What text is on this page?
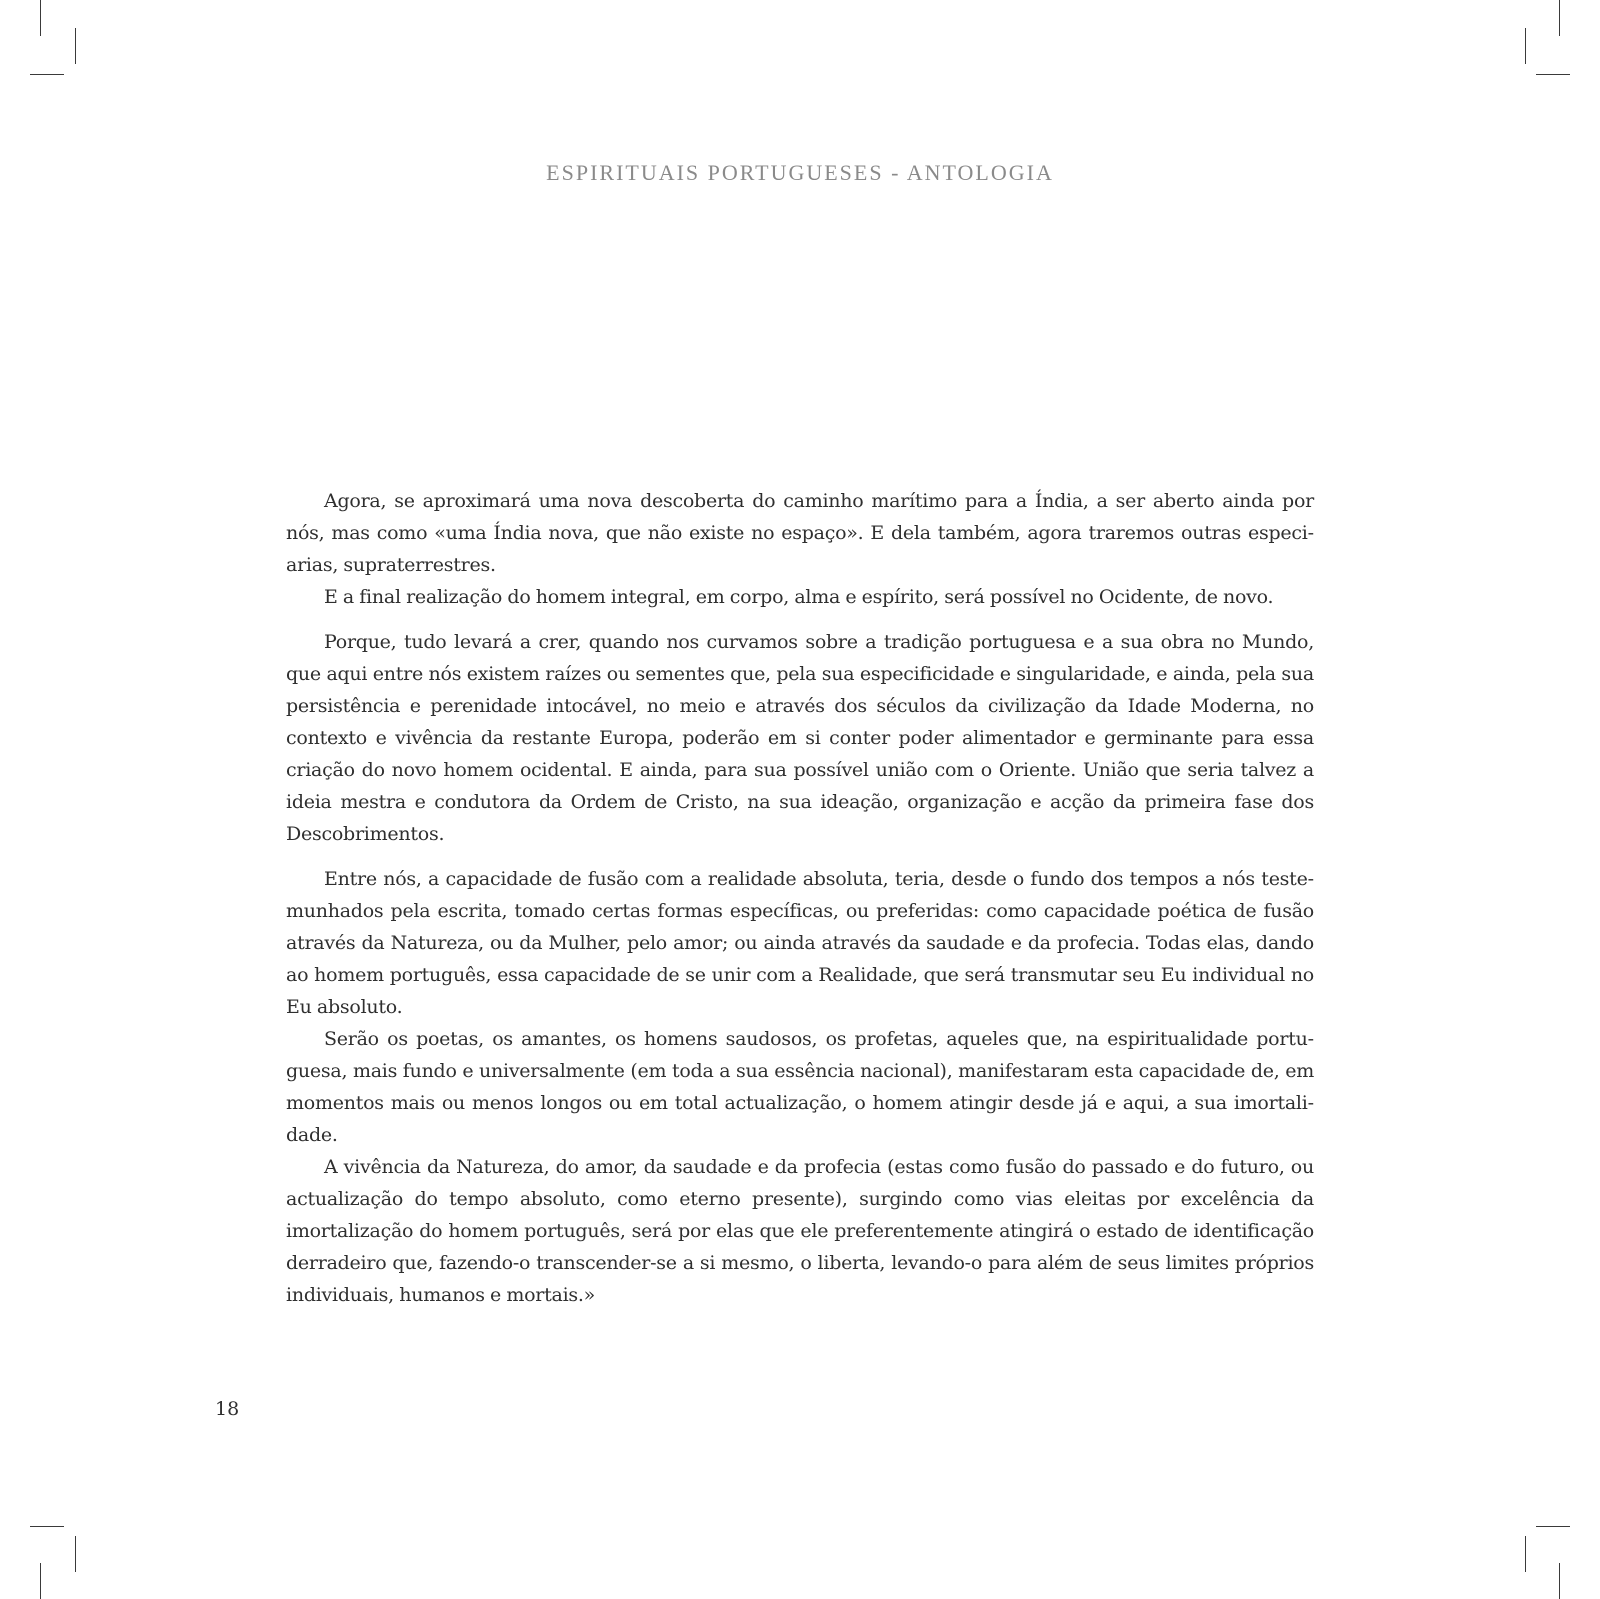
ESPIRITUAIS PORTUGUESES - ANTOLOGIA

Agora, se aproximará uma nova descoberta do caminho marítimo para a Índia, a ser aberto ainda por nós, mas como «uma Índia nova, que não existe no espaço». E dela também, agora traremos outras especiarias, supraterrestres.

E a final realização do homem integral, em corpo, alma e espírito, será possível no Ocidente, de novo.

Porque, tudo levará a crer, quando nos curvamos sobre a tradição portuguesa e a sua obra no Mundo, que aqui entre nós existem raízes ou sementes que, pela sua especificidade e singularidade, e ainda, pela sua persistência e perenidade intocável, no meio e através dos séculos da civilização da Idade Moderna, no contexto e vivência da restante Europa, poderão em si conter poder alimentador e germinante para essa criação do novo homem ocidental. E ainda, para sua possível união com o Oriente. União que seria talvez a ideia mestra e condutora da Ordem de Cristo, na sua ideação, organização e acção da primeira fase dos Descobrimentos.

Entre nós, a capacidade de fusão com a realidade absoluta, teria, desde o fundo dos tempos a nós testemunhados pela escrita, tomado certas formas específicas, ou preferidas: como capacidade poética de fusão através da Natureza, ou da Mulher, pelo amor; ou ainda através da saudade e da profecia. Todas elas, dando ao homem português, essa capacidade de se unir com a Realidade, que será transmutar seu Eu individual no Eu absoluto.

Serão os poetas, os amantes, os homens saudosos, os profetas, aqueles que, na espiritualidade portuguesa, mais fundo e universalmente (em toda a sua essência nacional), manifestaram esta capacidade de, em momentos mais ou menos longos ou em total actualização, o homem atingir desde já e aqui, a sua imortalidade.

A vivência da Natureza, do amor, da saudade e da profecia (estas como fusão do passado e do futuro, ou actualização do tempo absoluto, como eterno presente), surgindo como vias eleitas por excelência da imortalização do homem português, será por elas que ele preferentemente atingirá o estado de identificação derradeiro que, fazendo-o transcender-se a si mesmo, o liberta, levando-o para além de seus limites próprios individuais, humanos e mortais.»

18
